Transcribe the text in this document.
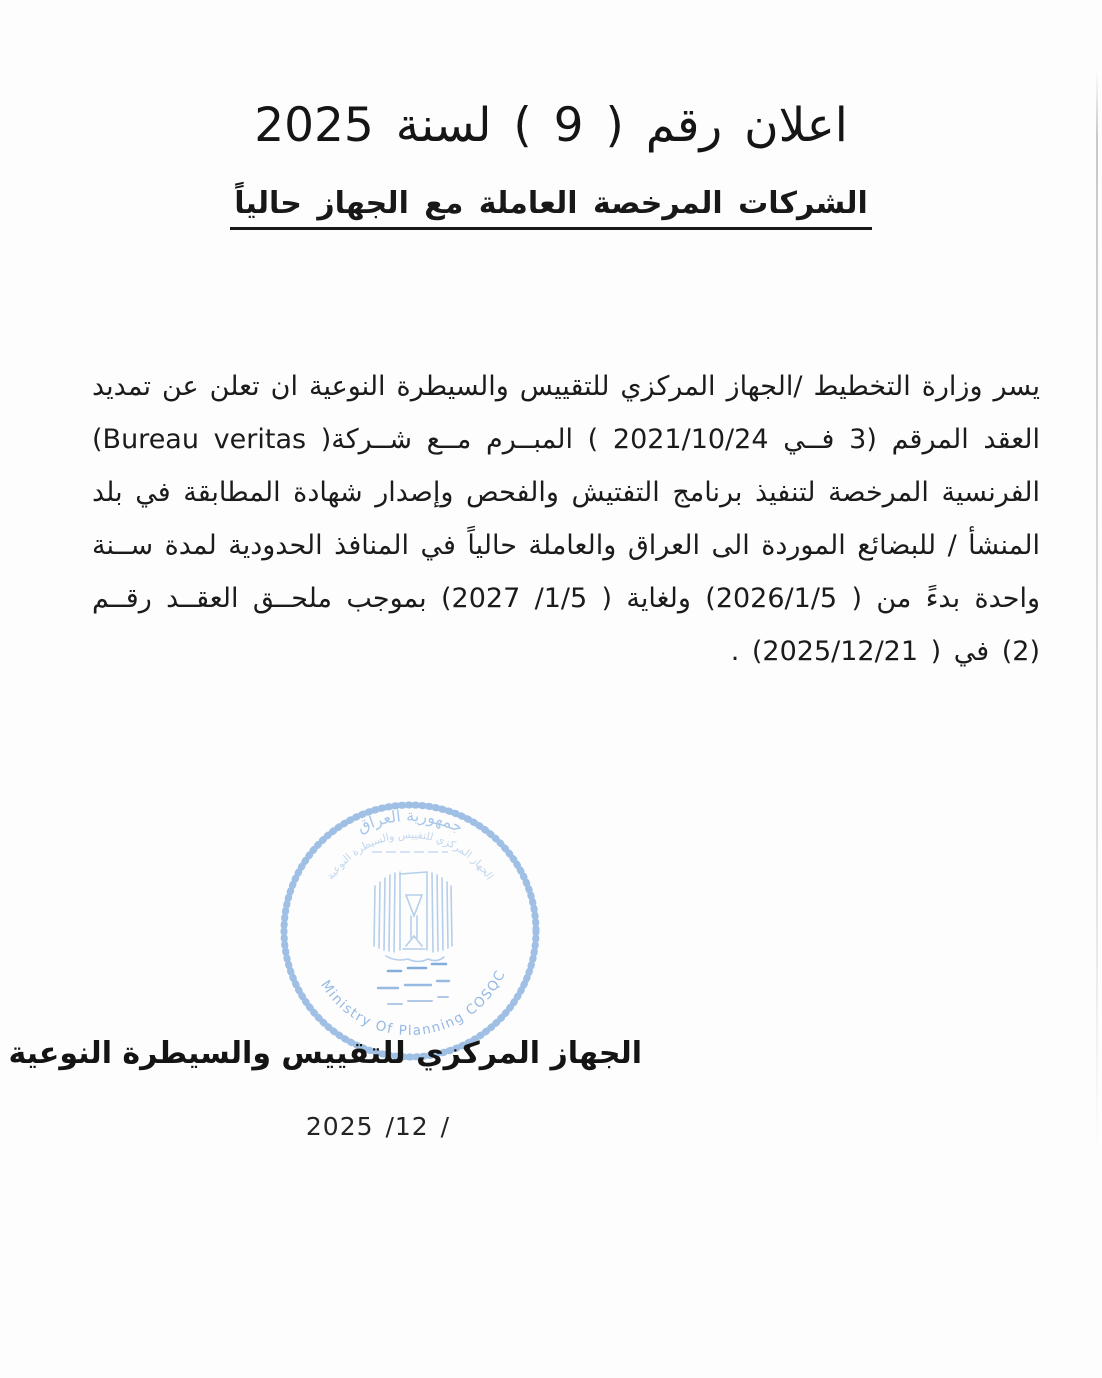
اعلان رقم ( 9 ) لسنة 2025
الشركات المرخصة العاملة مع الجهاز حالياً
يسر وزارة التخطيط /الجهاز المركزي للتقييس والسيطرة النوعية ان تعلن عن تمديد
العقد المرقم (3 فــي 2021/10/24 ) المبــرم مــع شــركة( Bureau veritas)
الفرنسية المرخصة لتنفيذ برنامج التفتيش والفحص وإصدار شهادة المطابقة في بلد
المنشأ / للبضائع الموردة الى العراق والعاملة حالياً في المنافذ الحدودية لمدة ســنة
واحدة بدءً من ( 2026/1/5) ولغاية ( 1/5/ 2027) بموجب ملحــق العقــد رقــم
(2) في ( 2025/12/21) .
جمهورية العراق
الجهاز المركزي للتقييس والسيطرة النوعية
Ministry Of Planning COSQC
الجهاز المركزي للتقييس والسيطرة النوعية
/ 12/ 2025
